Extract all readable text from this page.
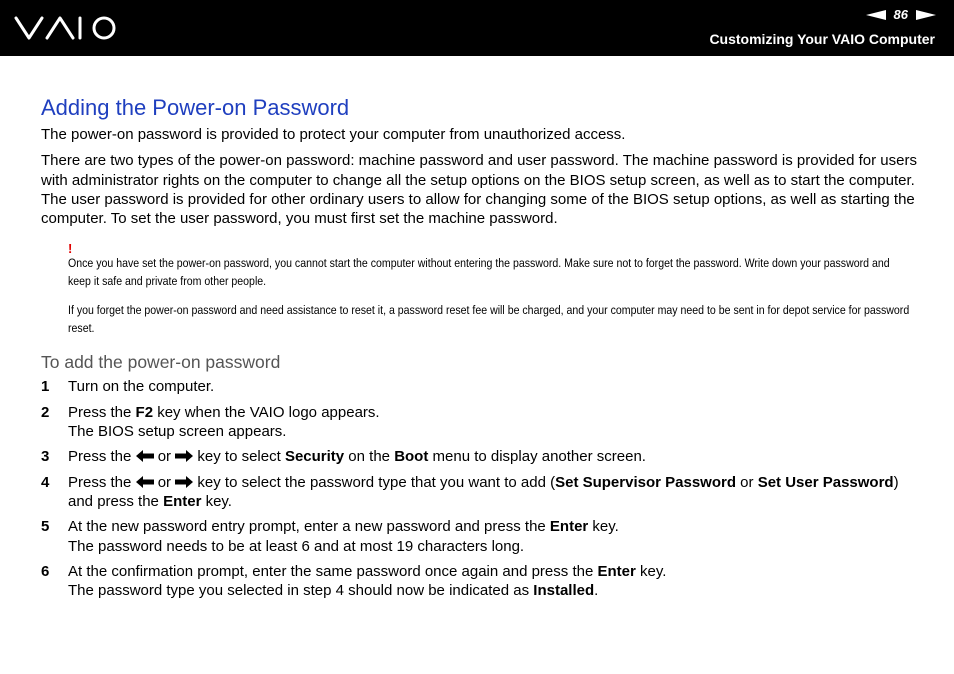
86
Customizing Your VAIO Computer
Adding the Power-on Password

The power-on password is provided to protect your computer from unauthorized access.

There are two types of the power-on password: machine password and user password. The machine password is provided for users with administrator rights on the computer to change all the setup options on the BIOS setup screen, as well as to start the computer. The user password is provided for other ordinary users to allow for changing some of the BIOS setup options, as well as starting the computer. To set the user password, you must first set the machine password.

!

Once you have set the power-on password, you cannot start the computer without entering the password. Make sure not to forget the password. Write down your password and keep it safe and private from other people.

If you forget the power-on password and need assistance to reset it, a password reset fee will be charged, and your computer may need to be sent in for depot service for password reset.

To add the power-on password
1	Turn on the computer.
2	Press the F2 key when the VAIO logo appears.
The BIOS setup screen appears.
3	Press the  or  key to select Security on the Boot menu to display another screen.
4	Press the  or  key to select the password type that you want to add (Set Supervisor Password or Set User Password) and press the Enter key.
5	At the new password entry prompt, enter a new password and press the Enter key.
The password needs to be at least 6 and at most 19 characters long.
6	At the confirmation prompt, enter the same password once again and press the Enter key.
The password type you selected in step 4 should now be indicated as Installed.
